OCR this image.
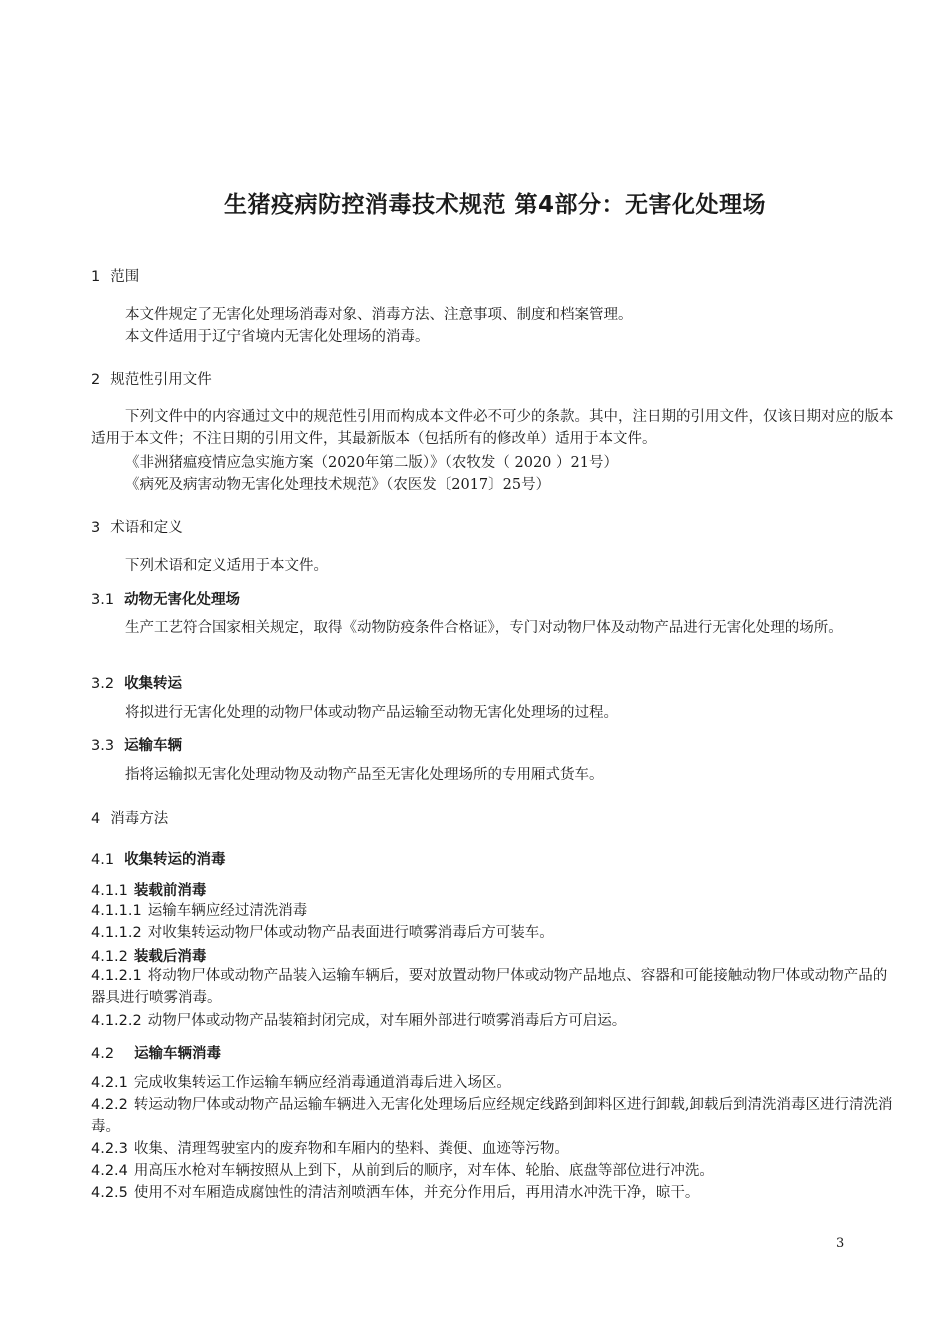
生猪疫病防控消毒技术规范 第4部分：无害化处理场
1 范围

本文件规定了无害化处理场消毒对象、消毒方法、注意事项、制度和档案管理。

本文件适用于辽宁省境内无害化处理场的消毒。

2 规范性引用文件

下列文件中的内容通过文中的规范性引用而构成本文件必不可少的条款。其中，注日期的引用文件，仅该日期对应的版本适用于本文件；不注日期的引用文件，其最新版本（包括所有的修改单）适用于本文件。

《非洲猪瘟疫情应急实施方案（2020年第二版）》（农牧发（ 2020 ）21号）

《病死及病害动物无害化处理技术规范》（农医发〔2017〕25号）

3 术语和定义

下列术语和定义适用于本文件。

3.1 动物无害化处理场

生产工艺符合国家相关规定，取得《动物防疫条件合格证》，专门对动物尸体及动物产品进行无害化处理的场所。

3.2 收集转运

将拟进行无害化处理的动物尸体或动物产品运输至动物无害化处理场的过程。

3.3 运输车辆

指将运输拟无害化处理动物及动物产品至无害化处理场所的专用厢式货车。

4 消毒方法
4.1 收集转运的消毒
4.1.1 装载前消毒

4.1.1.1 运输车辆应经过清洗消毒

4.1.1.2 对收集转运动物尸体或动物产品表面进行喷雾消毒后方可装车。

4.1.2 装载后消毒

4.1.2.1 将动物尸体或动物产品装入运输车辆后，要对放置动物尸体或动物产品地点、容器和可能接触动物尸体或动物产品的器具进行喷雾消毒。

4.1.2.2 动物尸体或动物产品装箱封闭完成，对车厢外部进行喷雾消毒后方可启运。

4.2 运输车辆消毒

4.2.1 完成收集转运工作运输车辆应经消毒通道消毒后进入场区。

4.2.2 转运动物尸体或动物产品运输车辆进入无害化处理场后应经规定线路到卸料区进行卸载,卸载后到清洗消毒区进行清洗消毒。

4.2.3 收集、清理驾驶室内的废弃物和车厢内的垫料、粪便、血迹等污物。

4.2.4 用高压水枪对车辆按照从上到下，从前到后的顺序，对车体、轮胎、底盘等部位进行冲洗。

4.2.5 使用不对车厢造成腐蚀性的清洁剂喷洒车体，并充分作用后，再用清水冲洗干净，晾干。

3
